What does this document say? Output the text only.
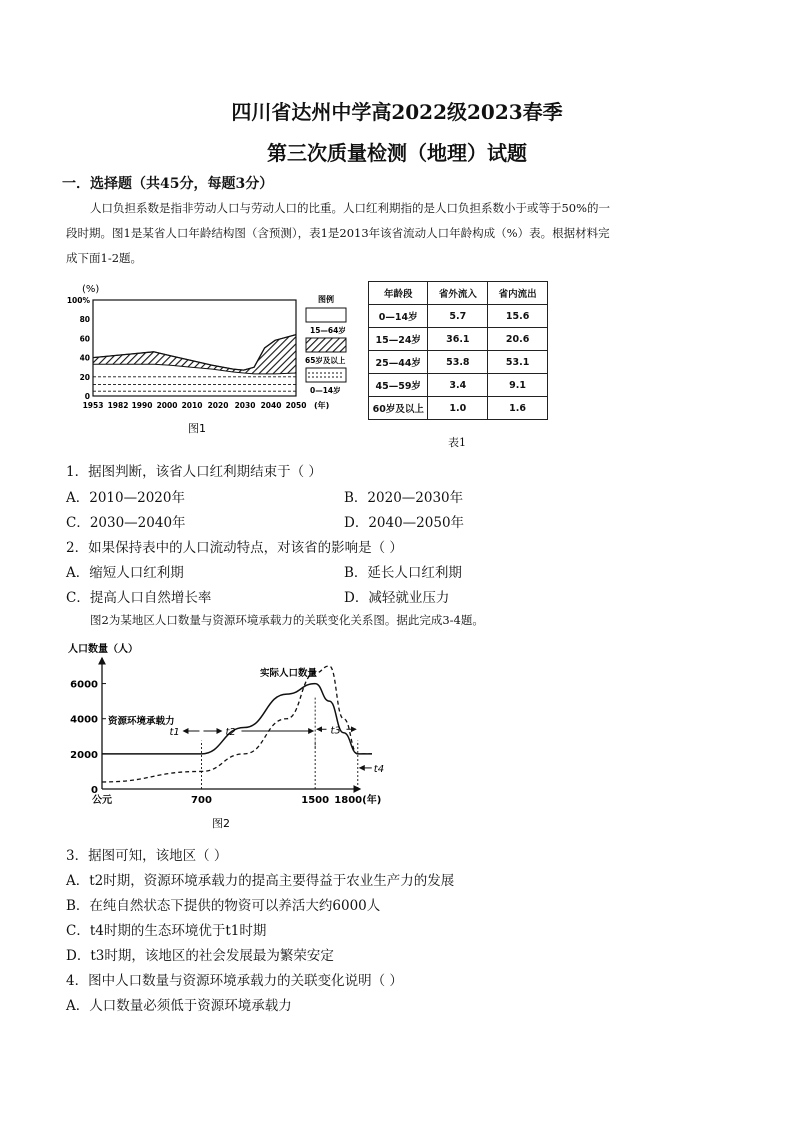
四川省达州中学高2022级2023春季
第三次质量检测（地理）试题
一．选择题（共45分，每题3分）
人口负担系数是指非劳动人口与劳动人口的比重。人口红利期指的是人口负担系数小于或等于50%的一
段时期。图1是某省人口年龄结构图（含预测），表1是2013年该省流动人口年龄构成（%）表。根据材料完
成下面1-2题。
(%)
100%
80
60
40
20
0
1953 1982 1990 2000 2010 2020 2030 2040 2050 (年)
图1
图例
15—64岁
65岁及以上
0—14岁
年龄段	省外流入	省内流出
0—14岁	5.7	15.6
15—24岁	36.1	20.6
25—44岁	53.8	53.1
45—59岁	3.4	9.1
60岁及以上	1.0	1.6
表1
1．据图判断，该省人口红利期结束于（ ）
A．2010—2020年	B．2020—2030年
C．2030—2040年	D．2040—2050年
2．如果保持表中的人口流动特点，对该省的影响是（ ）
A．缩短人口红利期	B．延长人口红利期
C．提高人口自然增长率	D．减轻就业压力
图2为某地区人口数量与资源环境承载力的关联变化关系图。据此完成3-4题。
人口数量（人）
6000
4000
2000
0
公元	700	1500 1800(年)
资源环境承载力
实际人口数量
t1	t2	t3
t4
图2
3．据图可知，该地区（ ）
A．t2时期，资源环境承载力的提高主要得益于农业生产力的发展
B．在纯自然状态下提供的物资可以养活大约6000人
C．t4时期的生态环境优于t1时期
D．t3时期，该地区的社会发展最为繁荣安定
4．图中人口数量与资源环境承载力的关联变化说明（ ）
A．人口数量必须低于资源环境承载力
